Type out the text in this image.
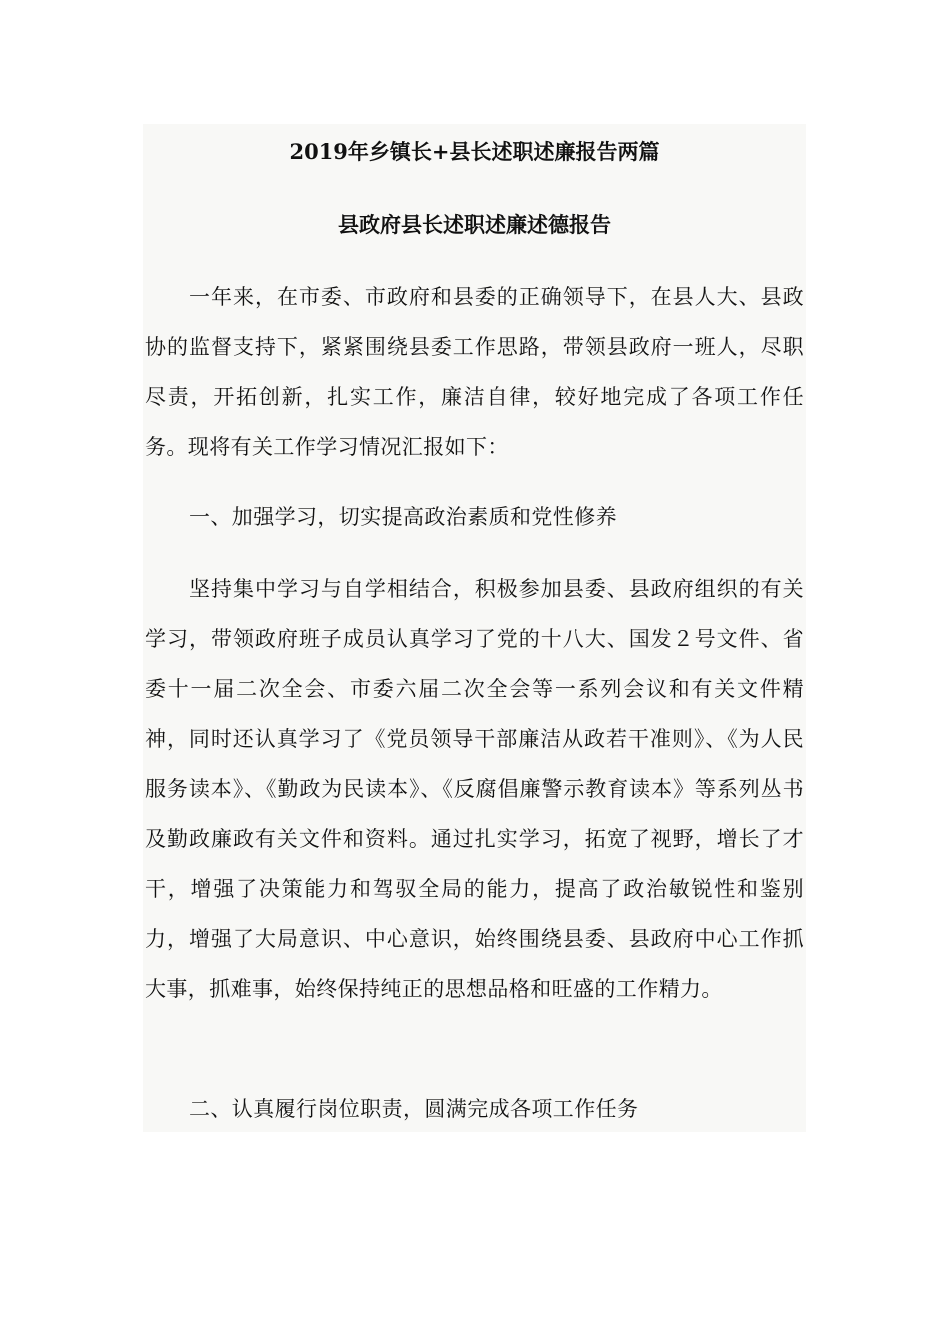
2019年乡镇长+县长述职述廉报告两篇
县政府县长述职述廉述德报告

一年来，在市委、市政府和县委的正确领导下，在县人大、县政协的监督支持下，紧紧围绕县委工作思路，带领县政府一班人，尽职尽责，开拓创新，扎实工作，廉洁自律，较好地完成了各项工作任务。现将有关工作学习情况汇报如下：

一、加强学习，切实提高政治素质和党性修养

坚持集中学习与自学相结合，积极参加县委、县政府组织的有关学习，带领政府班子成员认真学习了党的十八大、国发２号文件、省委十一届二次全会、市委六届二次全会等一系列会议和有关文件精神，同时还认真学习了《党员领导干部廉洁从政若干准则》、《为人民服务读本》、《勤政为民读本》、《反腐倡廉警示教育读本》等系列丛书及勤政廉政有关文件和资料。通过扎实学习，拓宽了视野，增长了才干，增强了决策能力和驾驭全局的能力，提高了政治敏锐性和鉴别力，增强了大局意识、中心意识，始终围绕县委、县政府中心工作抓大事，抓难事，始终保持纯正的思想品格和旺盛的工作精力。

二、认真履行岗位职责，圆满完成各项工作任务
